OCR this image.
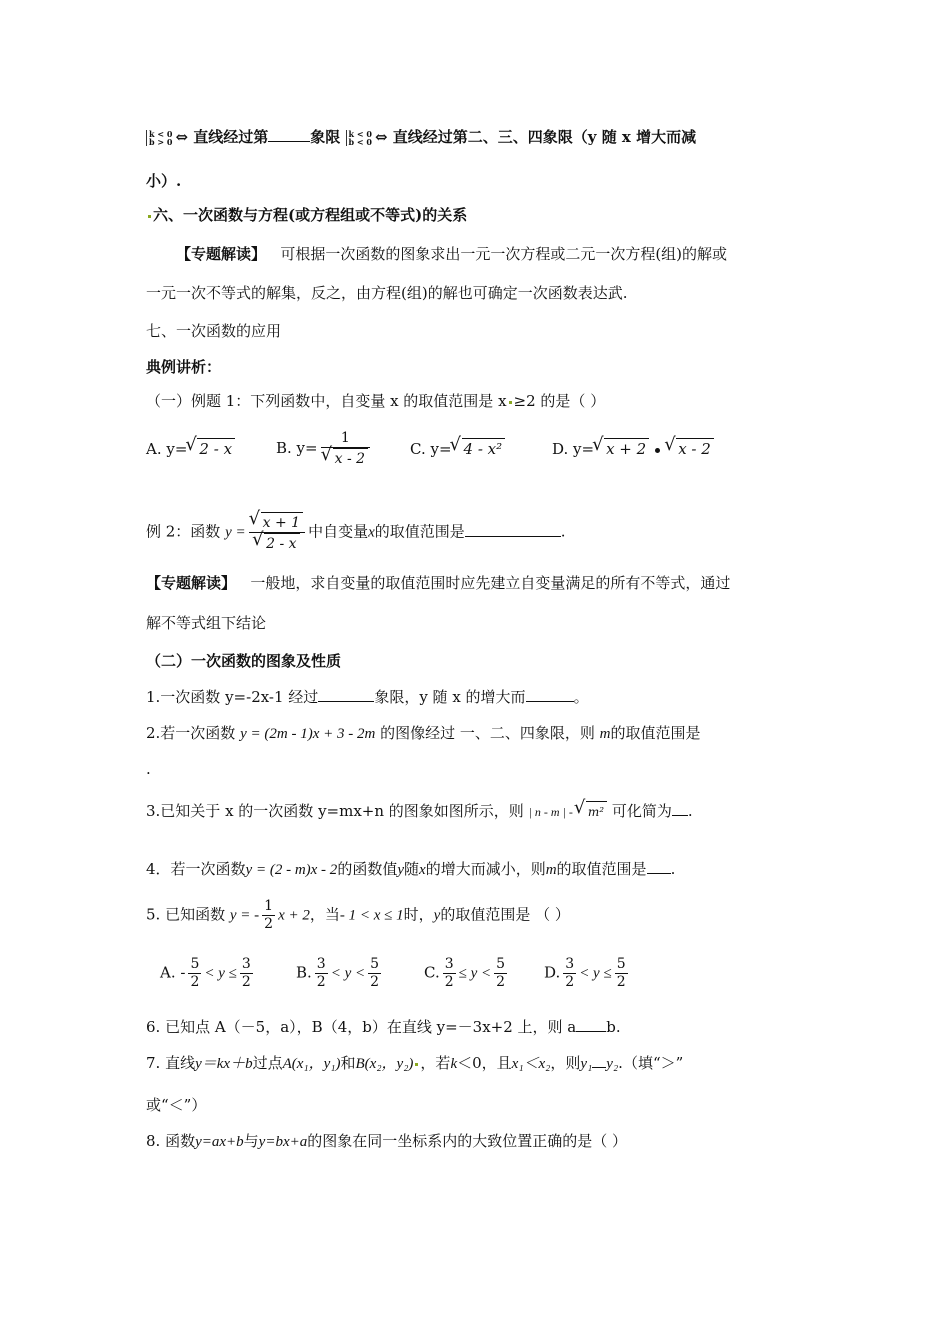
k < 0
b > 0 ⇔ 直线经过第	象限 k < 0
b < 0 ⇔ 直线经过第二、三、四象限（y 随 x 增大而减
小）.
六、一次函数与方程(或方程组或不等式)的关系
【专题解读】 可根据一次函数的图象求出一元一次方程或二元一次方程(组)的解或
一元一次不等式的解集，反之，由方程(组)的解也可确定一次函数表达武.
七、一次函数的应用
典例讲析：
（一）例题 1：下列函数中，自变量 x 的取值范围是 x ≥2 的是（ ）
A. y= √ 2 - x	B. y= 1
√ x - 2	C. y= √ 4 - x²	D. y= √ x + 2 √ x - 2
例 2：函数 y = √ x + 1
√ 2 - x 中自变量x的取值范围是	.
【专题解读】 一般地，求自变量的取值范围时应先建立自变量满足的所有不等式，通过
解不等式组下结论
（二）一次函数的图象及性质
1.一次函数 y=-2x-1 经过	象限，y 随 x 的增大而	。
2.若一次函数 y = (2m - 1)x + 3 - 2m 的图像经过 一、二、四象限，则 m的取值范围是
.
3.已知关于 x 的一次函数 y=mx+n 的图象如图所示，则 | n - m | - √ m² 可化简为 .
4．若一次函数y = (2 - m)x - 2的函数值y随x的增大而减小，则m的取值范围是 .
5. 已知函数 y = - $\frac{1}{2}$ x + 2，当- 1 < x ≤ 1时，y的取值范围是 （ ）
A. - $\frac{5}{2} < y \le \frac{3}{2}$	B. $\frac{3}{2} < y < \frac{5}{2}$	C. $\frac{3}{2} \le y < \frac{5}{2} D$. $\frac{3}{2} < y \le \frac{5}{2}$
6. 已知点 A（－5，a），B（4，b）在直线 y=－3x+2 上，则 a b.
7. 直线y＝kx＋b过点A(x₁，y₁)和B(x₂，y₂) ，若k＜0，且x₁＜x₂，则y₁ y₂.（填“＞”
或“＜”）
8. 函数y=ax+b与y=bx+a的图象在同一坐标系内的大致位置正确的是（ ）
